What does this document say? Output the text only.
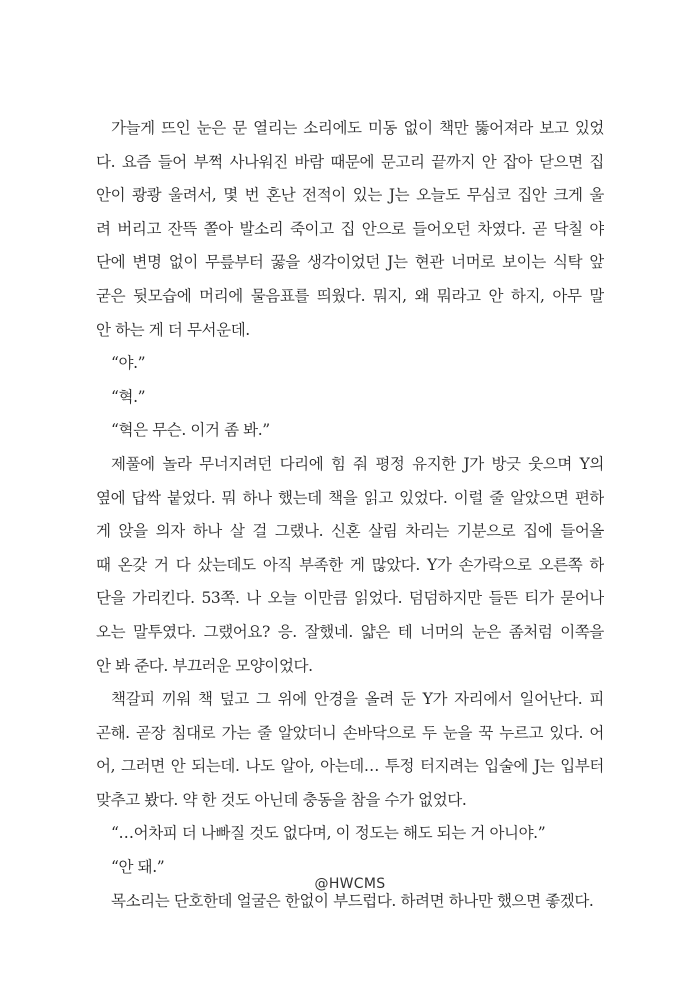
가늘게 뜨인 눈은 문 열리는 소리에도 미동 없이 책만 뚫어져라 보고 있었
다. 요즘 들어 부쩍 사나워진 바람 때문에 문고리 끝까지 안 잡아 닫으면 집
안이 쾅쾅 울려서, 몇 번 혼난 전적이 있는 J는 오늘도 무심코 집안 크게 울
려 버리고 잔뜩 쫄아 발소리 죽이고 집 안으로 들어오던 차였다. 곧 닥칠 야
단에 변명 없이 무릎부터 꿇을 생각이었던 J는 현관 너머로 보이는 식탁 앞
굳은 뒷모습에 머리에 물음표를 띄웠다. 뭐지, 왜 뭐라고 안 하지, 아무 말
안 하는 게 더 무서운데.
“야.”
“혁.”
“혁은 무슨. 이거 좀 봐.”
제풀에 놀라 무너지려던 다리에 힘 줘 평정 유지한 J가 방긋 웃으며 Y의
옆에 답싹 붙었다. 뭐 하나 했는데 책을 읽고 있었다. 이럴 줄 알았으면 편하
게 앉을 의자 하나 살 걸 그랬나. 신혼 살림 차리는 기분으로 집에 들어올
때 온갖 거 다 샀는데도 아직 부족한 게 많았다. Y가 손가락으로 오른쪽 하
단을 가리킨다. 53쪽. 나 오늘 이만큼 읽었다. 덤덤하지만 들뜬 티가 묻어나
오는 말투였다. 그랬어요? 응. 잘했네. 얇은 테 너머의 눈은 좀처럼 이쪽을
안 봐 준다. 부끄러운 모양이었다.
책갈피 끼워 책 덮고 그 위에 안경을 올려 둔 Y가 자리에서 일어난다. 피
곤해. 곧장 침대로 가는 줄 알았더니 손바닥으로 두 눈을 꾹 누르고 있다. 어
어, 그러면 안 되는데. 나도 알아, 아는데… 투정 터지려는 입술에 J는 입부터
맞추고 봤다. 약 한 것도 아닌데 충동을 참을 수가 없었다.
“…어차피 더 나빠질 것도 없다며, 이 정도는 해도 되는 거 아니야.”
“안 돼.”
목소리는 단호한데 얼굴은 한없이 부드럽다. 하려면 하나만 했으면 좋겠다.
@HWCMS
